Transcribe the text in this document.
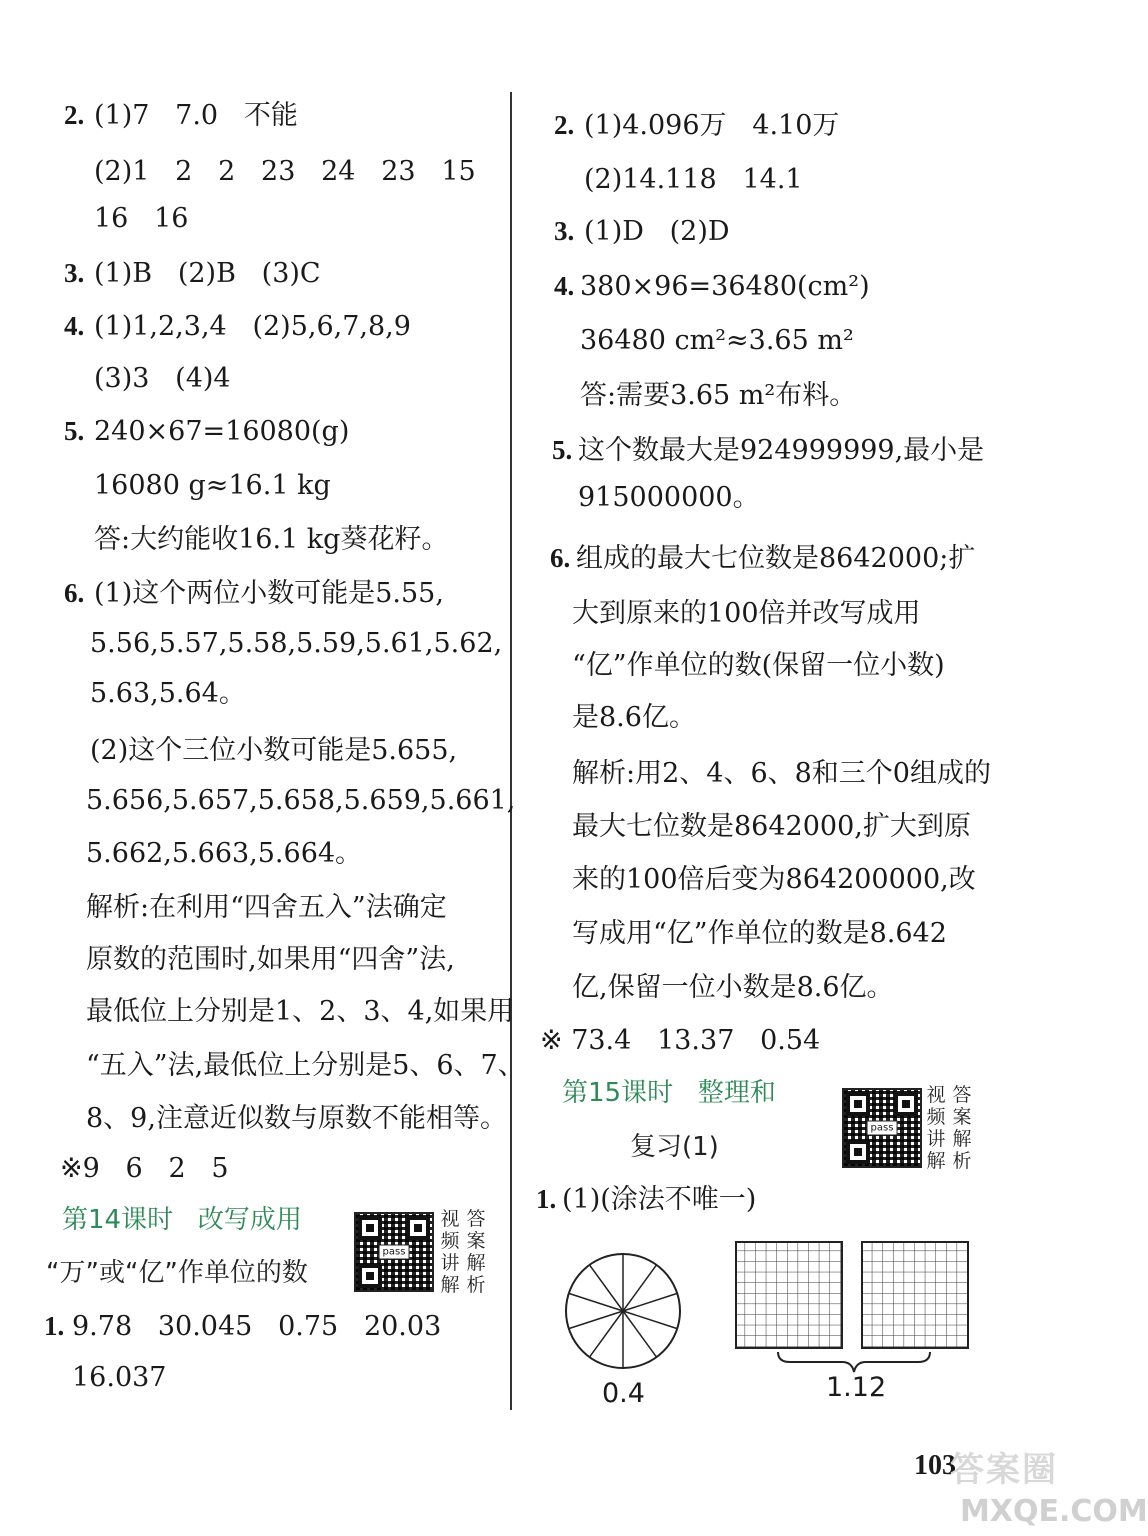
2. (1)7   7.0   不能
(2)1   2   2   23   24   23   15
16   16
3. (1)B   (2)B   (3)C
4. (1)1,2,3,4   (2)5,6,7,8,9
(3)3   (4)4
5. 240×67=16080(g)
16080 g≈16.1 kg
答:大约能收16.1 kg葵花籽。
6. (1)这个两位小数可能是5.55,
5.56,5.57,5.58,5.59,5.61,5.62,
5.63,5.64。
(2)这个三位小数可能是5.655,
5.656,5.657,5.658,5.659,5.661,
5.662,5.663,5.664。
解析:在利用“四舍五入”法确定
原数的范围时,如果用“四舍”法,
最低位上分别是1、2、3、4,如果用
“五入”法,最低位上分别是5、6、7、
8、9,注意近似数与原数不能相等。
※9   6   2   5
第14课时   改写成用
“万”或“亿”作单位的数
pass
视
频
讲
解
答
案
解
析
1. 9.78   30.045   0.75   20.03
16.037
2. (1)4.096万   4.10万
(2)14.118   14.1
3. (1)D   (2)D
4. 380×96=36480(cm²)
36480 cm²≈3.65 m²
答:需要3.65 m²布料。
5. 这个数最大是924999999,最小是
915000000。
6. 组成的最大七位数是8642000;扩
大到原来的100倍并改写成用
“亿”作单位的数(保留一位小数)
是8.6亿。
解析:用2、4、6、8和三个0组成的
最大七位数是8642000,扩大到原
来的100倍后变为864200000,改
写成用“亿”作单位的数是8.642
亿,保留一位小数是8.6亿。
※ 73.4   13.37   0.54
第15课时   整理和
复习(1)
pass
视
频
讲
解
答
案
解
析
1. (1)(涂法不唯一)
0.4	1.12
103
答案圈
MXQE.COM
